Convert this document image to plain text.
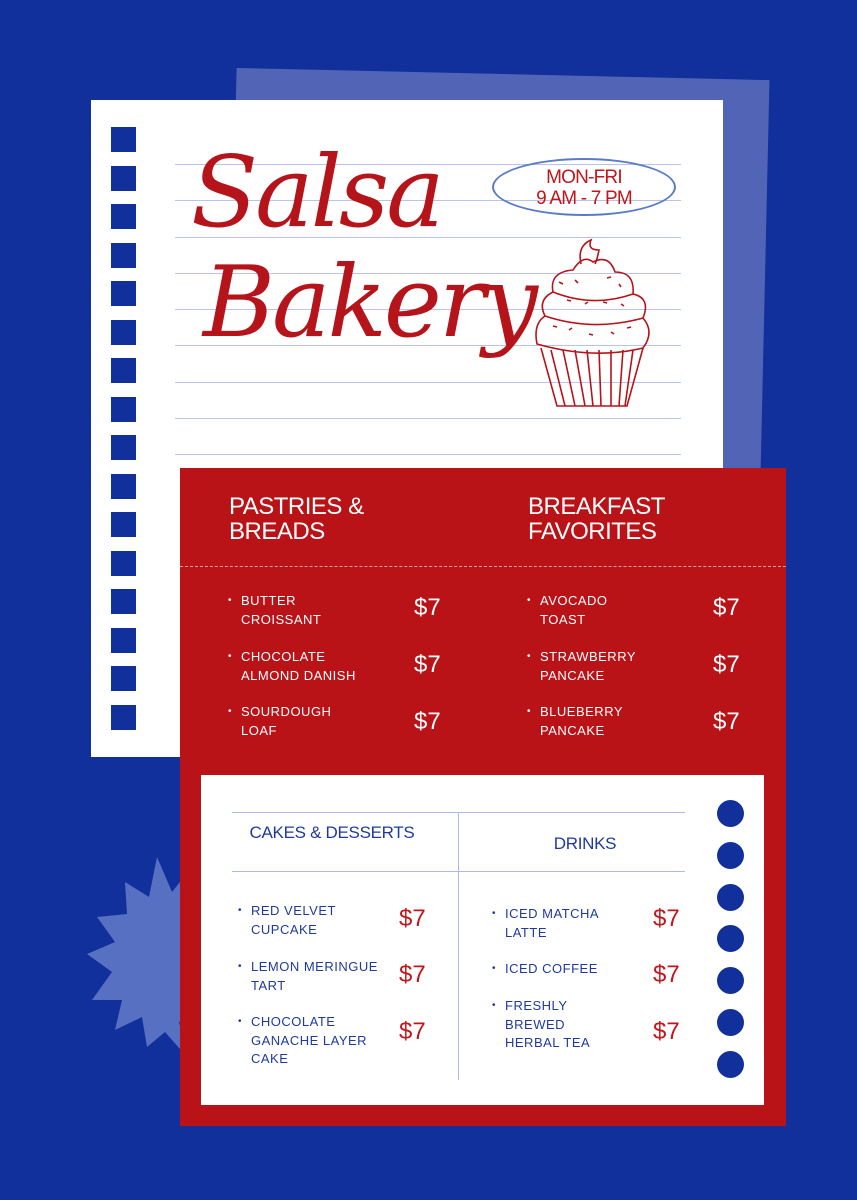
Salsa
Bakery
MON-FRI
9 AM - 7 PM
PASTRIES & BREADS
BREAKFAST FAVORITES
• BUTTER
CROISSANT	$7
• CHOCOLATE
ALMOND DANISH $7
• SOURDOUGH
LOAF	$7
• AVOCADO
TOAST	$7
• STRAWBERRY
PANCAKE	$7
• BLUEBERRY
PANCAKE	$7
CAKES & DESSERTS
DRINKS
• RED VELVET
CUPCAKE	$7
• LEMON MERINGUE
TART	$7
• CHOCOLATE
GANACHE LAYER
CAKE
$7
• ICED MATCHA
LATTE	$7
• ICED COFFEE $7
• FRESHLY
BREWED
HERBAL TEA	$7
